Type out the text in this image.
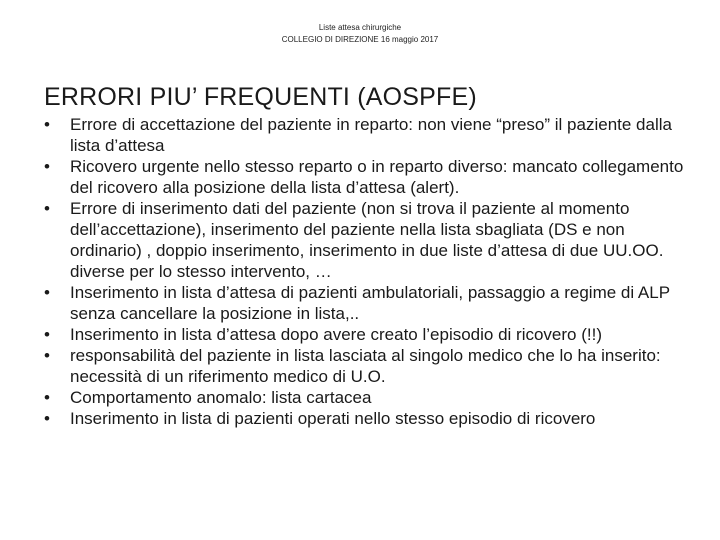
Liste attesa chirurgiche
COLLEGIO DI DIREZIONE 16 maggio 2017
ERRORI PIU’ FREQUENTI (AOSPFE)
•	Errore di accettazione del paziente in reparto: non viene “preso” il paziente dalla lista d’attesa
•	Ricovero urgente nello stesso reparto o in reparto diverso: mancato collegamento del ricovero alla posizione della lista d’attesa (alert).
•	Errore di inserimento dati del paziente (non si trova il paziente al momento dell’accettazione), inserimento del paziente nella lista sbagliata (DS e non ordinario) , doppio inserimento, inserimento in due liste d’attesa di due UU.OO. diverse per lo stesso intervento, …
•	Inserimento in lista d’attesa di pazienti ambulatoriali, passaggio a regime di ALP senza cancellare la posizione in lista,..
•	Inserimento in lista d’attesa dopo avere creato l’episodio di ricovero (!!)
•	responsabilità del paziente in lista lasciata al singolo medico che lo ha inserito: necessità di un riferimento medico di U.O.
•	Comportamento anomalo: lista cartacea
•	Inserimento in lista di pazienti operati nello stesso episodio di ricovero
